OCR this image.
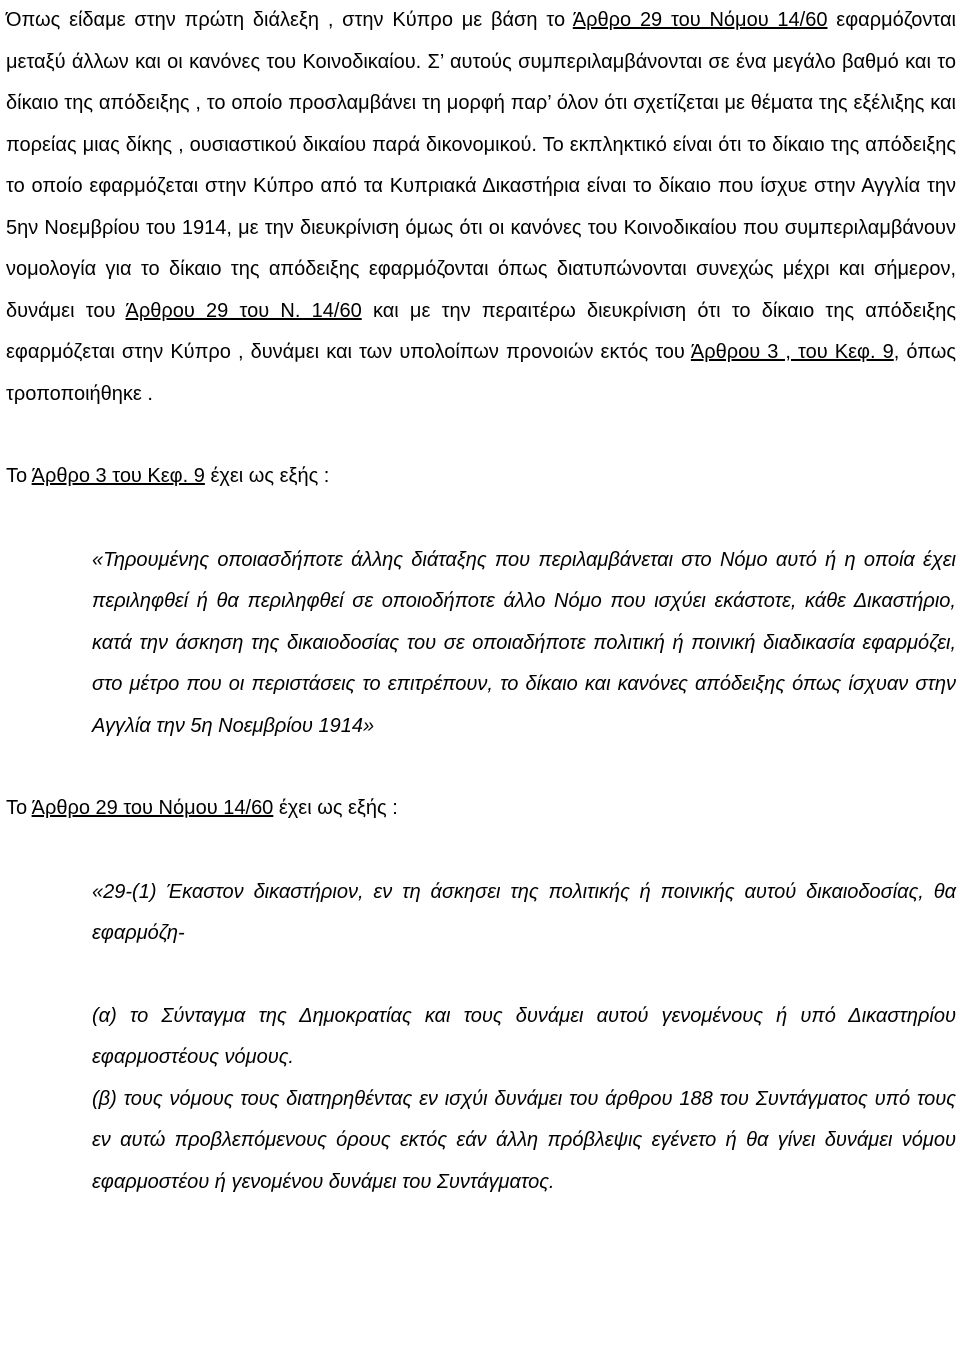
Όπως είδαμε στην πρώτη διάλεξη , στην Κύπρο με βάση το Άρθρο 29 του Νόμου 14/60 εφαρμόζονται μεταξύ άλλων και οι κανόνες του Κοινοδικαίου. Σ’ αυτούς συμπεριλαμβάνονται σε ένα μεγάλο βαθμό και το δίκαιο της απόδειξης , το οποίο προσλαμβάνει τη μορφή παρ’ όλον ότι σχετίζεται με θέματα της εξέλιξης και πορείας μιας δίκης , ουσιαστικού δικαίου παρά δικονομικού. Το εκπληκτικό είναι ότι το δίκαιο της απόδειξης το οποίο εφαρμόζεται στην Κύπρο από τα Κυπριακά Δικαστήρια είναι το δίκαιο που ίσχυε στην Αγγλία την 5ην Νοεμβρίου του 1914, με την διευκρίνιση όμως ότι οι κανόνες του Κοινοδικαίου που συμπεριλαμβάνουν νομολογία για το δίκαιο της απόδειξης εφαρμόζονται όπως διατυπώνονται συνεχώς μέχρι και σήμερον, δυνάμει του Άρθρου 29 του Ν. 14/60 και με την περαιτέρω διευκρίνιση ότι το δίκαιο της απόδειξης εφαρμόζεται στην Κύπρο , δυνάμει και των υπολοίπων προνοιών εκτός του Άρθρου 3 , του Κεφ. 9, όπως τροποποιήθηκε .

Το Άρθρο 3 του Κεφ. 9 έχει ως εξής :

«Τηρουμένης οποιασδήποτε άλλης διάταξης που περιλαμβάνεται στο Νόμο αυτό ή η οποία έχει περιληφθεί ή θα περιληφθεί σε οποιοδήποτε άλλο Νόμο που ισχύει εκάστοτε, κάθε Δικαστήριο, κατά την άσκηση της δικαιοδοσίας του σε οποιαδήποτε πολιτική ή ποινική διαδικασία εφαρμόζει, στο μέτρο που οι περιστάσεις το επιτρέπουν, το δίκαιο και κανόνες απόδειξης όπως ίσχυαν στην Αγγλία την 5η Νοεμβρίου 1914»

Το Άρθρο 29 του Νόμου 14/60 έχει ως εξής :

«29-(1) Έκαστον δικαστήριον, εν τη άσκησει της πολιτικής ή ποινικής αυτού δικαιοδοσίας, θα εφαρμόζη-

(α) το Σύνταγμα της Δημοκρατίας και τους δυνάμει αυτού γενομένους ή υπό Δικαστηρίου εφαρμοστέους νόμους.

(β) τους νόμους τους διατηρηθέντας εν ισχύι δυνάμει του άρθρου 188 του Συντάγματος υπό τους εν αυτώ προβλεπόμενους όρους εκτός εάν άλλη πρόβλεψις εγένετο ή θα γίνει δυνάμει νόμου εφαρμοστέου ή γενομένου δυνάμει του Συντάγματος.
